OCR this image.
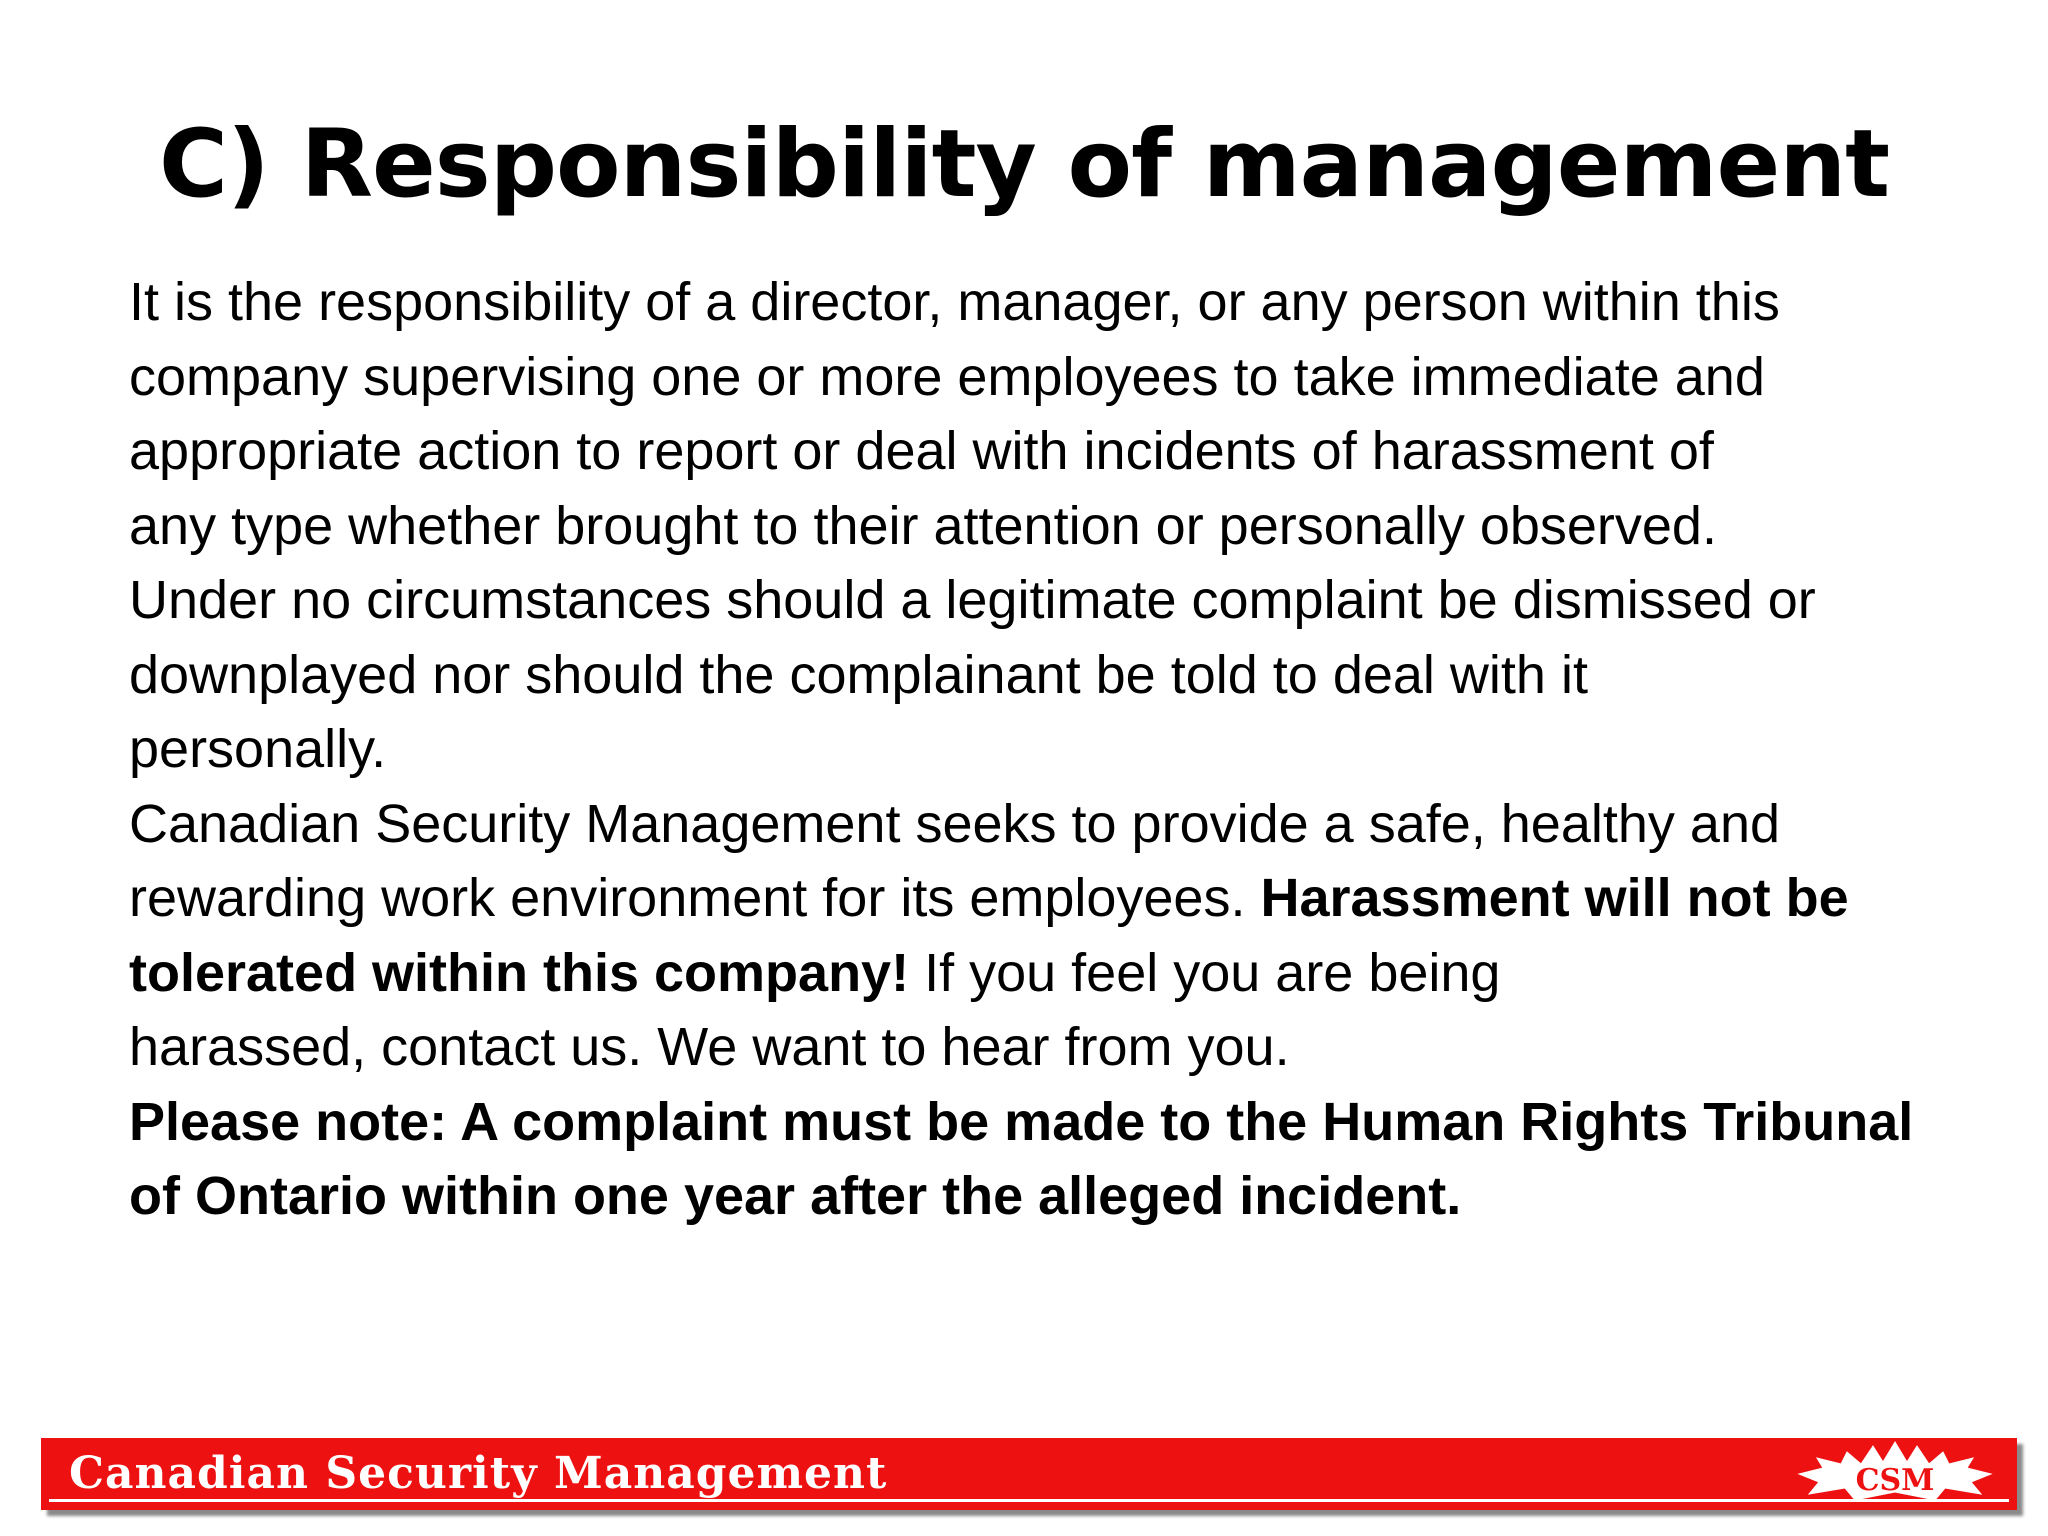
C) Responsibility of management
It is the responsibility of a director, manager, or any person within this
company supervising one or more employees to take immediate and
appropriate action to report or deal with incidents of harassment of
any type whether brought to their attention or personally observed.
Under no circumstances should a legitimate complaint be dismissed or
downplayed nor should the complainant be told to deal with it
personally.
Canadian Security Management seeks to provide a safe, healthy and
rewarding work environment for its employees. Harassment will not be
tolerated within this company! If you feel you are being
harassed, contact us. We want to hear from you.
Please note: A complaint must be made to the Human Rights Tribunal
of Ontario within one year after the alleged incident.
Canadian Security Management	CSM
